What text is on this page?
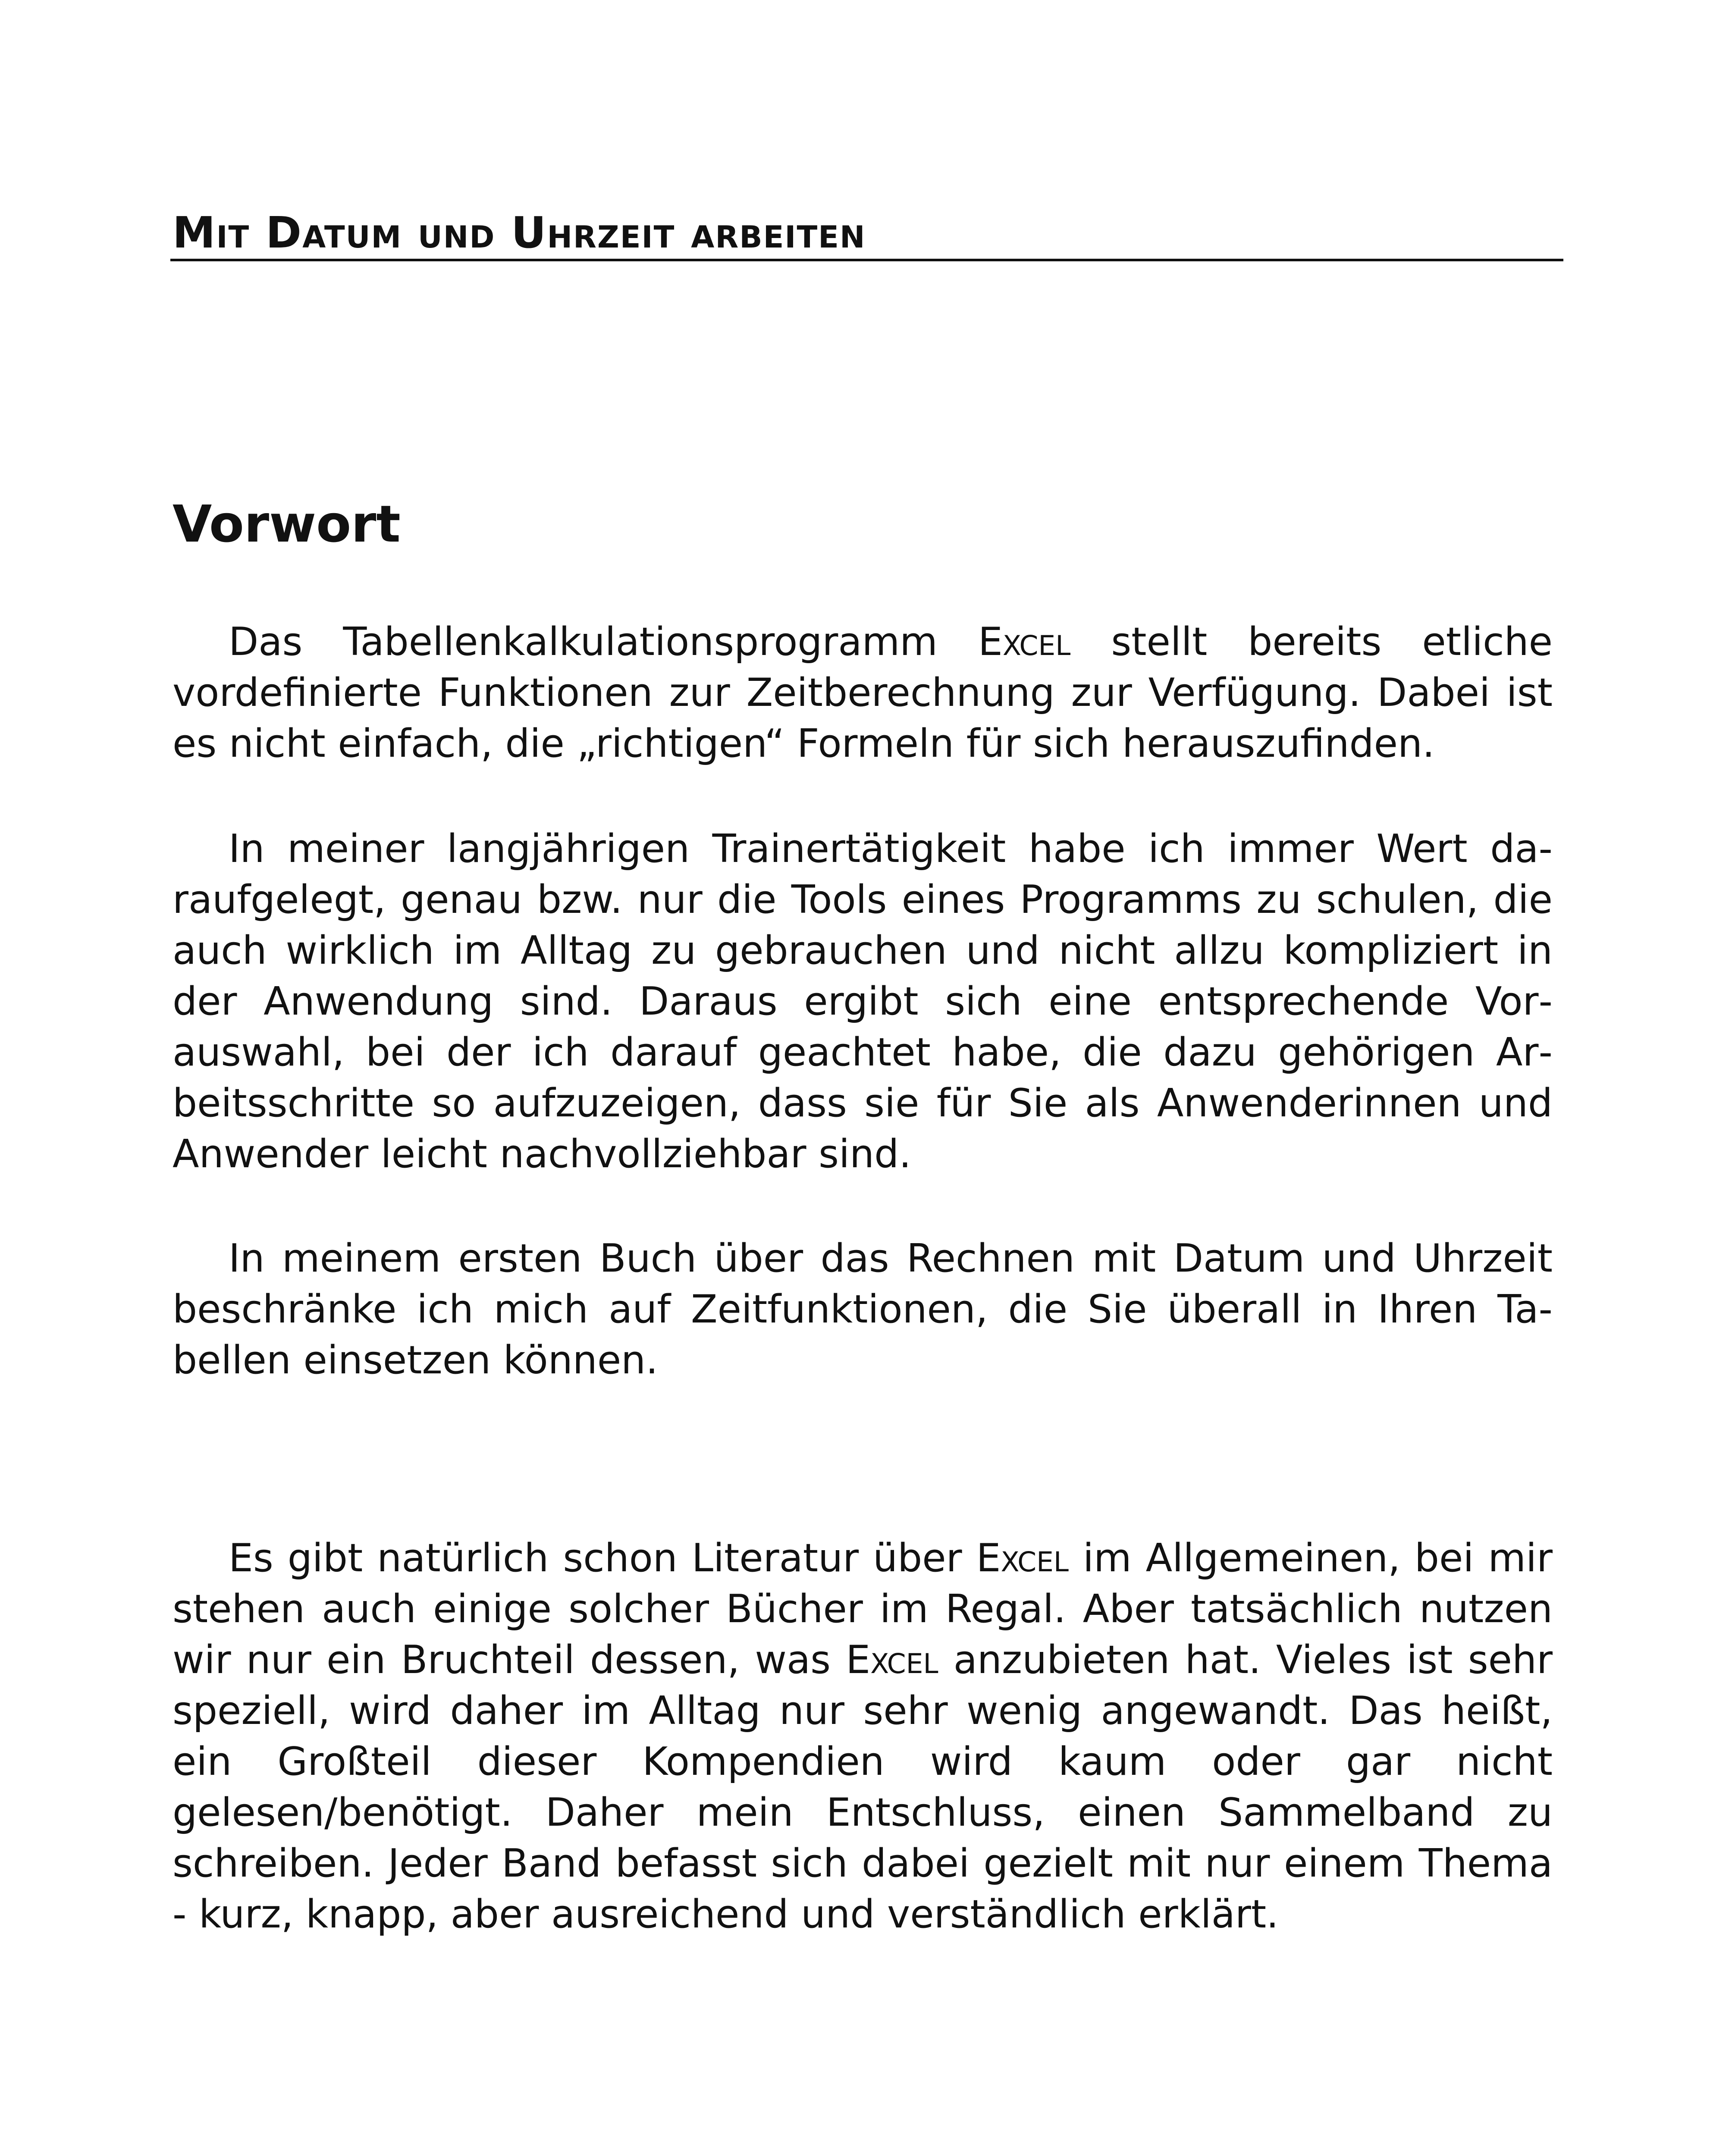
Mit Datum und Uhrzeit arbeiten
Vorwort

Das Tabellenkalkulationsprogramm Excel stellt bereits etliche vordefinierte Funktionen zur Zeitberechnung zur Verfügung. Dabei ist es nicht einfach, die „richtigen“ Formeln für sich herauszufinden.

In meiner langjährigen Trainertätigkeit habe ich immer Wert daraufgelegt, genau bzw. nur die Tools eines Programms zu schulen, die auch wirklich im Alltag zu gebrauchen und nicht allzu kompliziert in der Anwendung sind. Daraus ergibt sich eine entsprechende Vorauswahl, bei der ich darauf geachtet habe, die dazu gehörigen Arbeitsschritte so aufzuzeigen, dass sie für Sie als Anwenderinnen und Anwender leicht nachvollziehbar sind.

In meinem ersten Buch über das Rechnen mit Datum und Uhrzeit beschränke ich mich auf Zeitfunktionen, die Sie überall in Ihren Tabellen einsetzen können.

Es gibt natürlich schon Literatur über Excel im Allgemeinen, bei mir stehen auch einige solcher Bücher im Regal. Aber tatsächlich nutzen wir nur ein Bruchteil dessen, was Excel anzubieten hat. Vieles ist sehr speziell, wird daher im Alltag nur sehr wenig angewandt. Das heißt, ein Großteil dieser Kompendien wird kaum oder gar nicht gelesen/benötigt. Daher mein Entschluss, einen Sammelband zu schreiben. Jeder Band befasst sich dabei gezielt mit nur einem Thema - kurz, knapp, aber ausreichend und verständlich erklärt.
